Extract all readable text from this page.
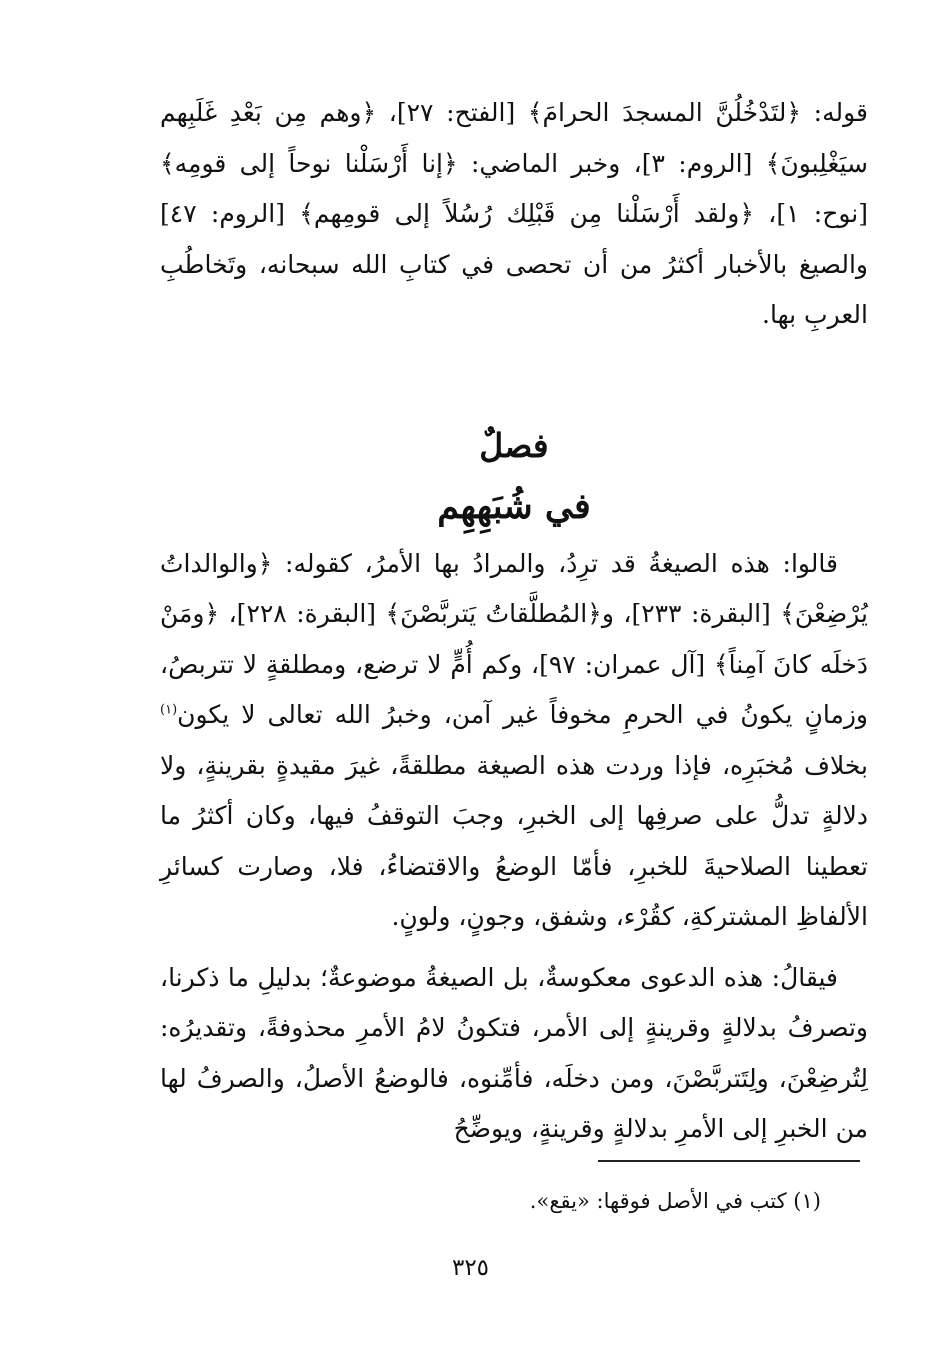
قوله: ﴿لتَدْخُلُنَّ المسجدَ الحرامَ﴾ [الفتح: ٢٧]، ﴿وهم مِن بَعْدِ غَلَبِهم سيَغْلِبونَ﴾ [الروم: ٣]، وخبر الماضي: ﴿إنا أَرْسَلْنا نوحاً إلى قومِه﴾ [نوح: ١]، ﴿ولقد أَرْسَلْنا مِن قَبْلِك رُسُلاً إلى قومِهم﴾ [الروم: ٤٧] والصيغ بالأخبار أكثرُ من أن تحصى في كتابِ الله سبحانه، وتَخاطُبِ العربِ بها.

فصلٌ

في شُبَهِهِم

قالوا: هذه الصيغةُ قد ترِدُ، والمرادُ بها الأمرُ، كقوله: ﴿والوالداتُ يُرْضِعْنَ﴾ [البقرة: ٢٣٣]، و﴿المُطلَّقاتُ يَتربَّصْنَ﴾ [البقرة: ٢٢٨]، ﴿ومَنْ دَخلَه كانَ آمِناً﴾ [آل عمران: ٩٧]، وكم أُمٍّ لا ترضع، ومطلقةٍ لا تتربصُ، وزمانٍ يكونُ في الحرمِ مخوفاً غير آمن، وخبرُ الله تعالى لا يكون$^{(١)}$ بخلاف مُخبَرِه، فإذا وردت هذه الصيغة مطلقةً، غيرَ مقيدةٍ بقرينةٍ، ولا دلالةٍ تدلُّ على صرفِها إلى الخبرِ، وجبَ التوقفُ فيها، وكان أكثرُ ما تعطينا الصلاحيةَ للخبرِ، فأمّا الوضعُ والاقتضاءُ، فلا، وصارت كسائرِ الألفاظِ المشتركةِ، كقُرْء، وشفق، وجونٍ، ولونٍ.

فيقالُ: هذه الدعوى معكوسةٌ، بل الصيغةُ موضوعةٌ؛ بدليلِ ما ذكرنا، وتصرفُ بدلالةٍ وقرينةٍ إلى الأمر، فتكونُ لامُ الأمرِ محذوفةً، وتقديرُه: لِتُرضِعْنَ، ولِتَتربَّصْنَ، ومن دخلَه، فأمِّنوه، فالوضعُ الأصلُ، والصرفُ لها من الخبرِ إلى الأمرِ بدلالةٍ وقرينةٍ، ويوضِّحُ

(١) كتب في الأصل فوقها: «يقع».

٣٢٥
